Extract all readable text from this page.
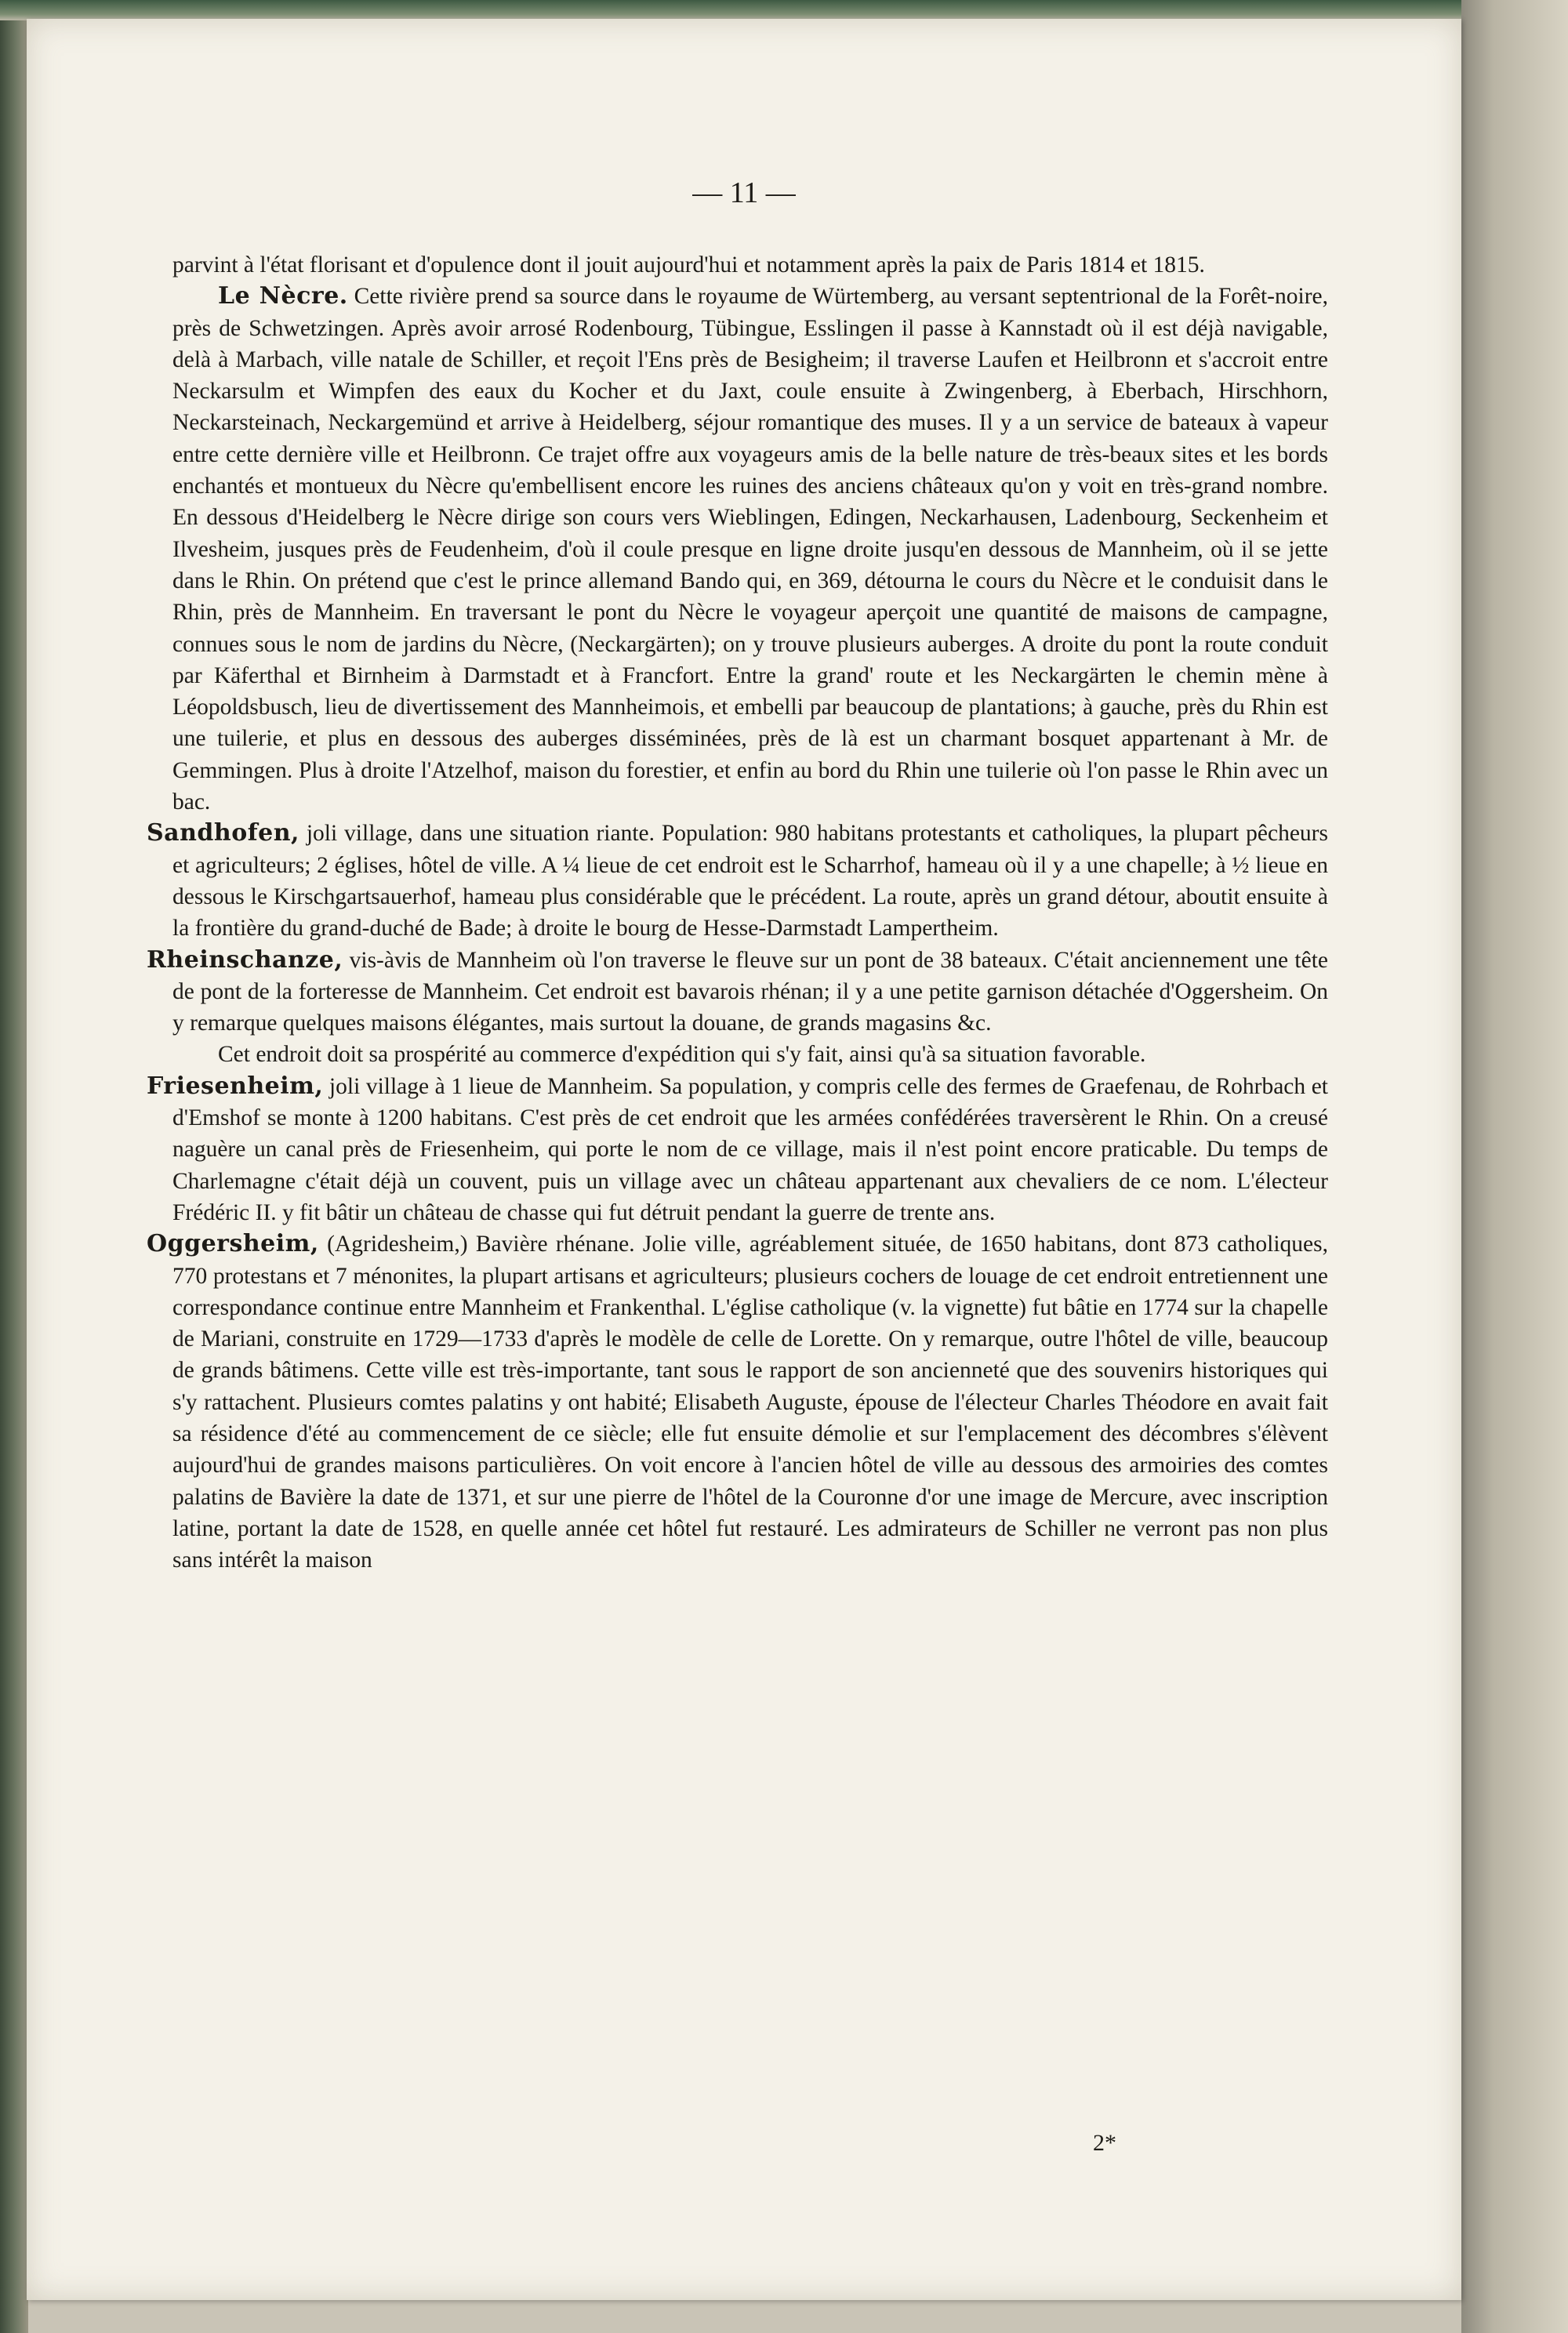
— 11 —

parvint à l'état florisant et d'opulence dont il jouit aujourd'hui et notamment après la paix de Paris 1814 et 1815.

Le Nècre. Cette rivière prend sa source dans le royaume de Würtemberg, au versant septentrional de la Forêt-noire, près de Schwetzingen. Après avoir arrosé Rodenbourg, Tübingue, Esslingen il passe à Kannstadt où il est déjà navigable, delà à Marbach, ville natale de Schiller, et reçoit l'Ens près de Besigheim; il traverse Laufen et Heilbronn et s'accroit entre Neckarsulm et Wimpfen des eaux du Kocher et du Jaxt, coule ensuite à Zwingenberg, à Eberbach, Hirschhorn, Neckarsteinach, Neckargemünd et arrive à Heidelberg, séjour romantique des muses. Il y a un service de bateaux à vapeur entre cette dernière ville et Heilbronn. Ce trajet offre aux voyageurs amis de la belle nature de très-beaux sites et les bords enchantés et montueux du Nècre qu'embellisent encore les ruines des anciens châteaux qu'on y voit en très-grand nombre. En dessous d'Heidelberg le Nècre dirige son cours vers Wieblingen, Edingen, Neckarhausen, Ladenbourg, Seckenheim et Ilvesheim, jusques près de Feudenheim, d'où il coule presque en ligne droite jusqu'en dessous de Mannheim, où il se jette dans le Rhin. On prétend que c'est le prince allemand Bando qui, en 369, détourna le cours du Nècre et le conduisit dans le Rhin, près de Mannheim. En traversant le pont du Nècre le voyageur aperçoit une quantité de maisons de campagne, connues sous le nom de jardins du Nècre, (Neckargärten); on y trouve plusieurs auberges. A droite du pont la route conduit par Käferthal et Birnheim à Darmstadt et à Francfort. Entre la grand' route et les Neckargärten le chemin mène à Léopoldsbusch, lieu de divertissement des Mannheimois, et embelli par beaucoup de plantations; à gauche, près du Rhin est une tuilerie, et plus en dessous des auberges disséminées, près de là est un charmant bosquet appartenant à Mr. de Gemmingen. Plus à droite l'Atzelhof, maison du forestier, et enfin au bord du Rhin une tuilerie où l'on passe le Rhin avec un bac.

Sandhofen, joli village, dans une situation riante. Population: 980 habitans protestants et catholiques, la plupart pêcheurs et agriculteurs; 2 églises, hôtel de ville. A ¼ lieue de cet endroit est le Scharrhof, hameau où il y a une chapelle; à ½ lieue en dessous le Kirschgartsauerhof, hameau plus considérable que le précédent. La route, après un grand détour, aboutit ensuite à la frontière du grand-duché de Bade; à droite le bourg de Hesse-Darmstadt Lampertheim.

Rheinschanze, vis-àvis de Mannheim où l'on traverse le fleuve sur un pont de 38 bateaux. C'était anciennement une tête de pont de la forteresse de Mannheim. Cet endroit est bavarois rhénan; il y a une petite garnison détachée d'Oggersheim. On y remarque quelques maisons élégantes, mais surtout la douane, de grands magasins &c.

Cet endroit doit sa prospérité au commerce d'expédition qui s'y fait, ainsi qu'à sa situation favorable.

Friesenheim, joli village à 1 lieue de Mannheim. Sa population, y compris celle des fermes de Graefenau, de Rohrbach et d'Emshof se monte à 1200 habitans. C'est près de cet endroit que les armées confédérées traversèrent le Rhin. On a creusé naguère un canal près de Friesenheim, qui porte le nom de ce village, mais il n'est point encore praticable. Du temps de Charlemagne c'était déjà un couvent, puis un village avec un château appartenant aux chevaliers de ce nom. L'électeur Frédéric II. y fit bâtir un château de chasse qui fut détruit pendant la guerre de trente ans.

Oggersheim, (Agridesheim,) Bavière rhénane. Jolie ville, agréablement située, de 1650 habitans, dont 873 catholiques, 770 protestans et 7 ménonites, la plupart artisans et agriculteurs; plusieurs cochers de louage de cet endroit entretiennent une correspondance continue entre Mannheim et Frankenthal. L'église catholique (v. la vignette) fut bâtie en 1774 sur la chapelle de Mariani, construite en 1729—1733 d'après le modèle de celle de Lorette. On y remarque, outre l'hôtel de ville, beaucoup de grands bâtimens. Cette ville est très-importante, tant sous le rapport de son ancienneté que des souvenirs historiques qui s'y rattachent. Plusieurs comtes palatins y ont habité; Elisabeth Auguste, épouse de l'électeur Charles Théodore en avait fait sa résidence d'été au commencement de ce siècle; elle fut ensuite démolie et sur l'emplacement des décombres s'élèvent aujourd'hui de grandes maisons particulières. On voit encore à l'ancien hôtel de ville au dessous des armoiries des comtes palatins de Bavière la date de 1371, et sur une pierre de l'hôtel de la Couronne d'or une image de Mercure, avec inscription latine, portant la date de 1528, en quelle année cet hôtel fut restauré. Les admirateurs de Schiller ne verront pas non plus sans intérêt la maison

2*
